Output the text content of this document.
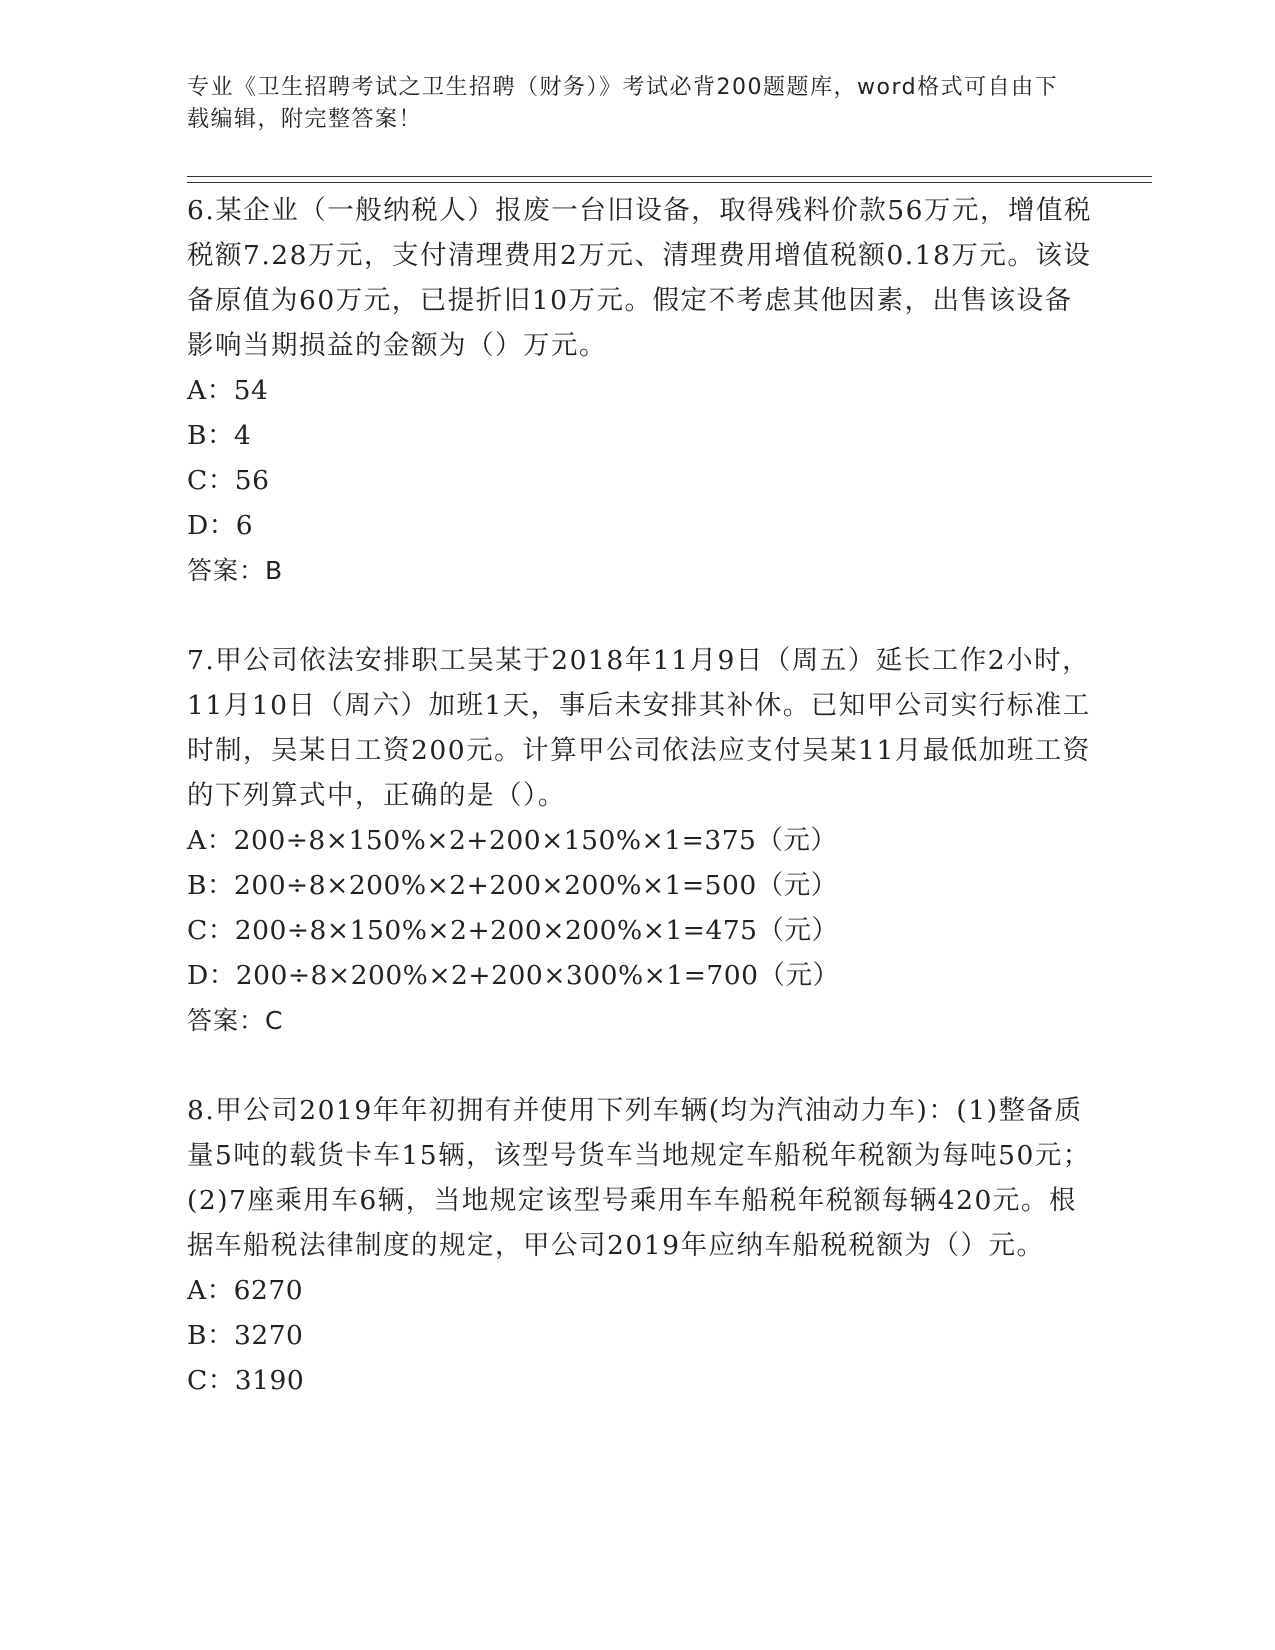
专业《卫生招聘考试之卫生招聘（财务）》考试必背200题题库，word格式可自由下载编辑，附完整答案！

6.某企业（一般纳税人）报废一台旧设备，取得残料价款56万元，增值税税额7.28万元，支付清理费用2万元、清理费用增值税额0.18万元。该设备原值为60万元，已提折旧10万元。假定不考虑其他因素，出售该设备影响当期损益的金额为（）万元。

A：54

B：4

C：56

D：6

答案：B

7.甲公司依法安排职工吴某于2018年11月9日（周五）延长工作2小时，11月10日（周六）加班1天，事后未安排其补休。已知甲公司实行标准工时制，吴某日工资200元。计算甲公司依法应支付吴某11月最低加班工资的下列算式中，正确的是（）。

A：200÷8×150%×2+200×150%×1=375（元）

B：200÷8×200%×2+200×200%×1=500（元）

C：200÷8×150%×2+200×200%×1=475（元）

D：200÷8×200%×2+200×300%×1=700（元）

答案：C

8.甲公司2019年年初拥有并使用下列车辆(均为汽油动力车)：(1)整备质量5吨的载货卡车15辆，该型号货车当地规定车船税年税额为每吨50元；(2)7座乘用车6辆，当地规定该型号乘用车车船税年税额每辆420元。根据车船税法律制度的规定，甲公司2019年应纳车船税税额为（）元。

A：6270

B：3270

C：3190
